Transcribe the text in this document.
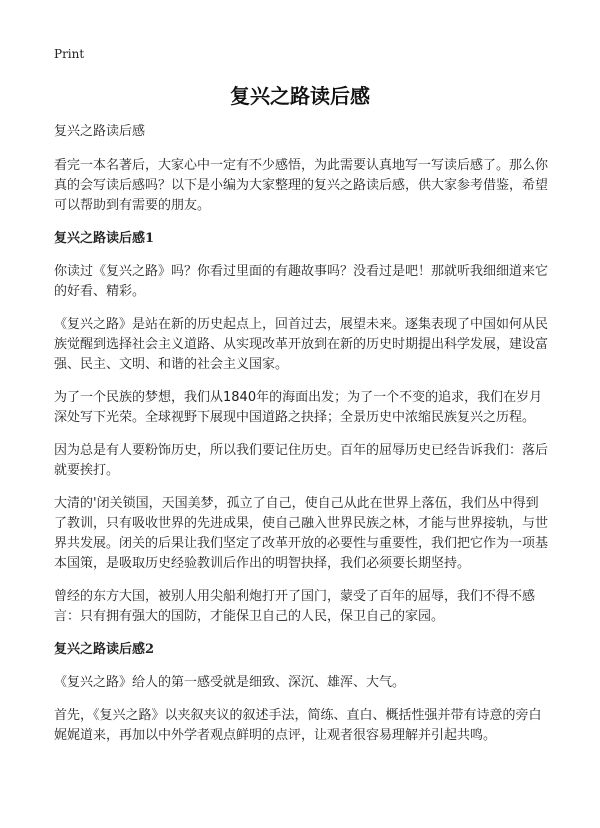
Print
复兴之路读后感

复兴之路读后感

看完一本名著后，大家心中一定有不少感悟，为此需要认真地写一写读后感了。那么你真的会写读后感吗？以下是小编为大家整理的复兴之路读后感，供大家参考借鉴，希望可以帮助到有需要的朋友。

复兴之路读后感1

你读过《复兴之路》吗？你看过里面的有趣故事吗？没看过是吧！那就听我细细道来它的好看、精彩。

《复兴之路》是站在新的历史起点上，回首过去，展望未来。逐集表现了中国如何从民族觉醒到选择社会主义道路、从实现改革开放到在新的历史时期提出科学发展，建设富强、民主、文明、和谐的社会主义国家。

为了一个民族的梦想，我们从1840年的海面出发；为了一个不变的追求，我们在岁月深处写下光荣。全球视野下展现中国道路之抉择；全景历史中浓缩民族复兴之历程。

因为总是有人要粉饰历史，所以我们要记住历史。百年的屈辱历史已经告诉我们：落后就要挨打。

大清的'闭关锁国，天国美梦，孤立了自己，使自己从此在世界上落伍，我们丛中得到了教训，只有吸收世界的先进成果，使自己融入世界民族之林，才能与世界接轨，与世界共发展。闭关的后果让我们坚定了改革开放的必要性与重要性，我们把它作为一项基本国策，是吸取历史经验教训后作出的明智抉择，我们必须要长期坚持。

曾经的东方大国，被别人用尖船利炮打开了国门，蒙受了百年的屈辱，我们不得不感言：只有拥有强大的国防，才能保卫自己的人民，保卫自己的家园。

复兴之路读后感2

《复兴之路》给人的第一感受就是细致、深沉、雄浑、大气。

首先，《复兴之路》以夹叙夹议的叙述手法，简练、直白、概括性强并带有诗意的旁白娓娓道来，再加以中外学者观点鲜明的点评，让观者很容易理解并引起共鸣。
